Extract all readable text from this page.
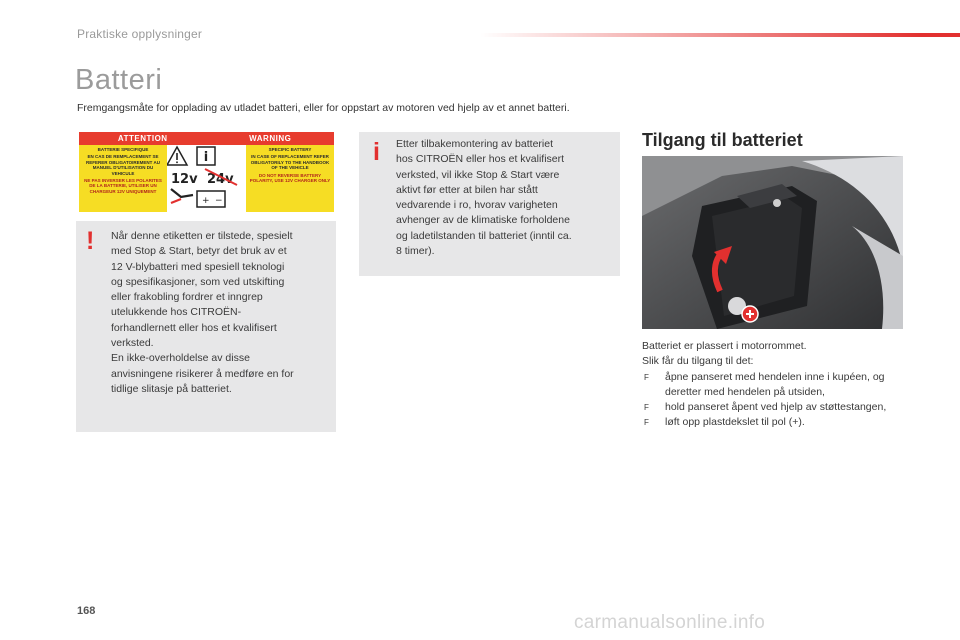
Praktiske opplysninger
Batteri

Fremgangsmåte for opplading av utladet batteri, eller for oppstart av motoren ved hjelp av et annet batteri.

ATTENTION	WARNING

BATTERIE SPECIFIQUE

EN CAS DE REMPLACEMENT SE REFERER OBLIGATOIREMENT AU MANUEL D'UTILISATION DU VEHICULE

NE PAS INVERSER LES POLARITES DE LA BATTERIE, UTILISER UN CHARGEUR 12V UNIQUEMENT

i
12v 24v
+ −

SPECIFIC BATTERY

IN CASE OF REPLACEMENT REFER OBLIGATORILY TO THE HANDBOOK OF THE VEHICLE

DO NOT REVERSE BATTERY POLARITY, USE 12V CHARGER ONLY

! Når denne etiketten er tilstede, spesielt
med Stop & Start, betyr det bruk av et
12 V-blybatteri med spesiell teknologi
og spesifikasjoner, som ved utskifting
eller frakobling fordrer et inngrep
utelukkende hos CITROËN-
forhandlernett eller hos et kvalifisert
verksted.
En ikke-overholdelse av disse
anvisningene risikerer å medføre en for
tidlige slitasje på batteriet.

i Etter tilbakemontering av batteriet
hos CITROËN eller hos et kvalifisert
verksted, vil ikke Stop & Start være
aktivt før etter at bilen har stått
vedvarende i ro, hvorav varigheten
avhenger av de klimatiske forholdene
og ladetilstanden til batteriet (inntil ca.
8 timer).

Tilgang til batteriet

Batteriet er plassert i motorrommet.

Slik får du tilgang til det:

F åpne panseret med hendelen inne i kupéen, og deretter med hendelen på utsiden,
F hold panseret åpent ved hjelp av støttestangen,
F løft opp plastdekslet til pol (+).
168
carmanualsonline.info
